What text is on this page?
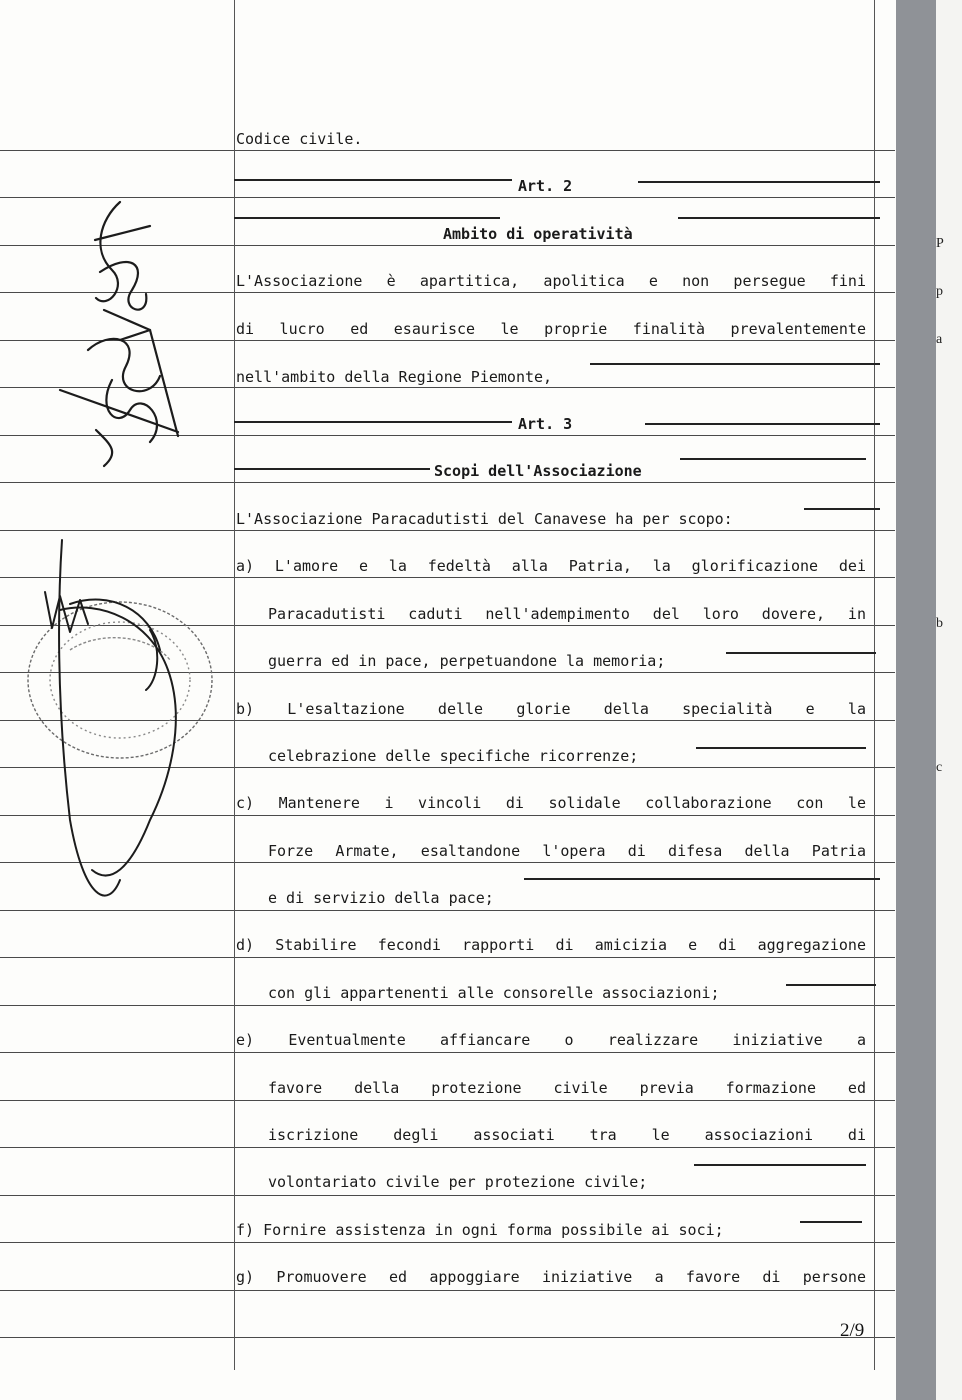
Codice civile.
Art. 2
Ambito di operatività
L'Associazione è apartitica, apolitica e non persegue fini
di lucro ed esaurisce le proprie finalità prevalentemente
nell'ambito della Regione Piemonte,
Art. 3
Scopi dell'Associazione
L'Associazione Paracadutisti del Canavese ha per scopo:
a) L'amore e la fedeltà alla Patria, la glorificazione dei
Paracadutisti caduti nell'adempimento del loro dovere, in
guerra ed in pace, perpetuandone la memoria;
b) L'esaltazione delle glorie della specialità e la
celebrazione delle specifiche ricorrenze;
c) Mantenere i vincoli di solidale collaborazione con le
Forze Armate, esaltandone l'opera di difesa della Patria
e di servizio della pace;
d) Stabilire fecondi rapporti di amicizia e di aggregazione
con gli appartenenti alle consorelle associazioni;
e) Eventualmente affiancare o realizzare iniziative a
favore della protezione civile previa formazione ed
iscrizione degli associati tra le associazioni di
volontariato civile per protezione civile;
f) Fornire assistenza in ogni forma possibile ai soci;
g) Promuovere ed appoggiare iniziative a favore di persone
2/9
P
p
a
b
c
